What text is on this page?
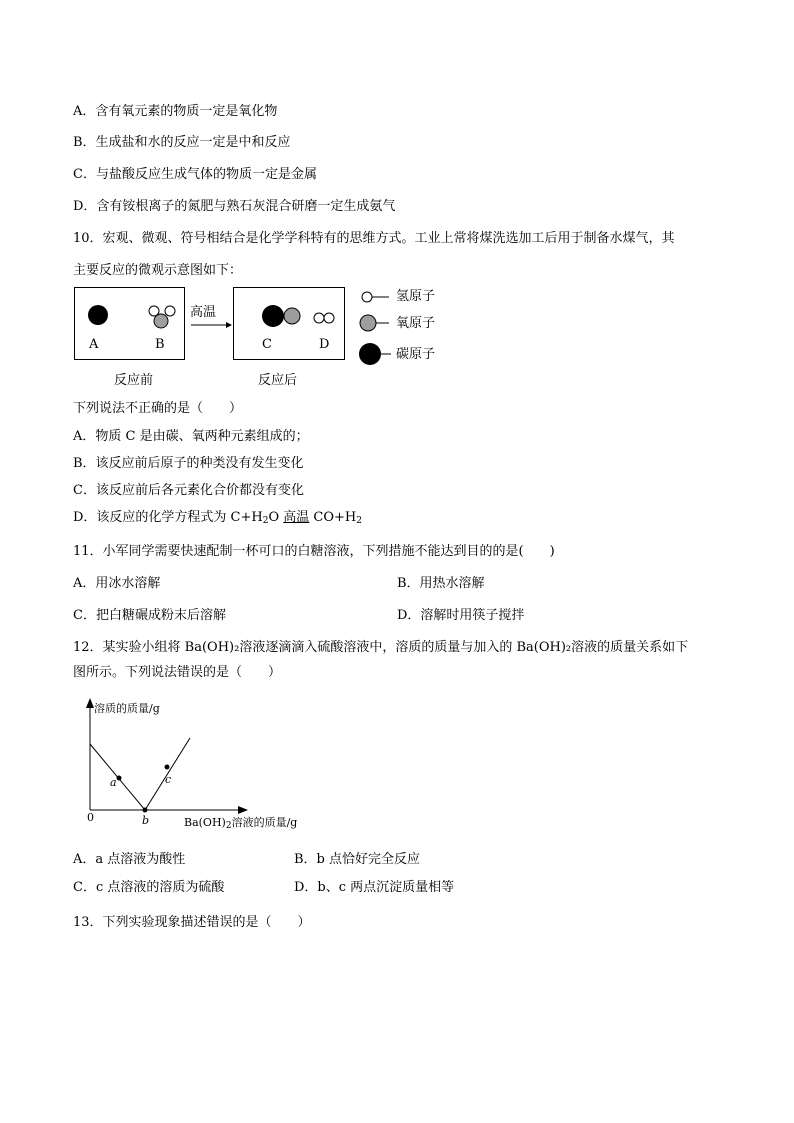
A．含有氧元素的物质一定是氧化物
B．生成盐和水的反应一定是中和反应
C．与盐酸反应生成气体的物质一定是金属
D．含有铵根离子的氮肥与熟石灰混合研磨一定生成氨气
10．宏观、微观、符号相结合是化学学科特有的思维方式。工业上常将煤洗选加工后用于制备水煤气，其
主要反应的微观示意图如下：
高温
A	B	C	D
反应前	反应后
氢原子
氧原子
碳原子
下列说法不正确的是（　　）
A．物质 C 是由碳、氧两种元素组成的；
B．该反应前后原子的种类没有发生变化
C．该反应前后各元素化合价都没有变化
D．该反应的化学方程式为 $C+H_2O$ 高温 $CO+H_2$
11．小军同学需要快速配制一杯可口的白糖溶液，下列措施不能达到目的的是(　　)
A．用冰水溶解	B．用热水溶解
C．把白糖碾成粉末后溶解	D．溶解时用筷子搅拌
12．某实验小组将 Ba(OH)₂溶液逐滴滴入硫酸溶液中，溶质的质量与加入的 Ba(OH)₂溶液的质量关系如下
图所示。下列说法错误的是（　　）
溶质的质量/g
$Ba(OH)_2$溶液的质量/g
0
a
b
c
A．a 点溶液为酸性	B．b 点恰好完全反应
C．c 点溶液的溶质为硫酸	D．b、c 两点沉淀质量相等
13．下列实验现象描述错误的是（　　）
